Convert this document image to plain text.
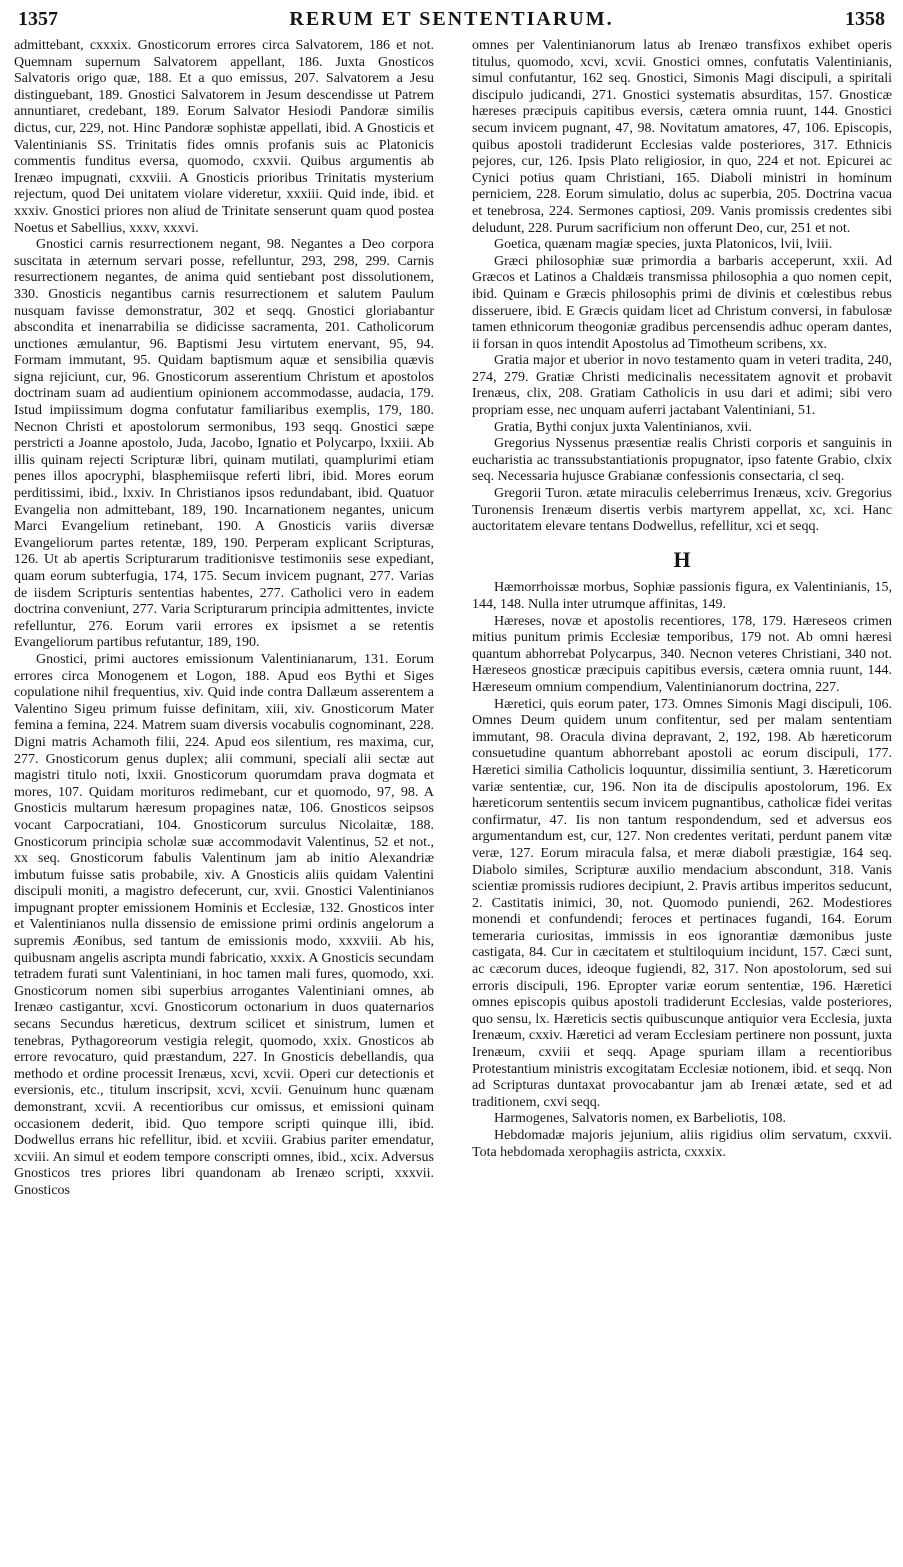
1357	RERUM ET SENTENTIARUM.	1358

admittebant, cxxxix. Gnosticorum errores circa Salvatorem, 186 et not. Quemnam supernum Salvatorem appellant, 186. Juxta Gnosticos Salvatoris origo quæ, 188. Et a quo emissus, 207. Salvatorem a Jesu distinguebant, 189. Gnostici Salvatorem in Jesum descendisse ut Patrem annuntiaret, credebant, 189. Eorum Salvator Hesiodi Pandoræ similis dictus, cur, 229, not. Hinc Pandoræ sophistæ appellati, ibid. A Gnosticis et Valentinianis SS. Trinitatis fides omnis profanis suis ac Platonicis commentis funditus eversa, quomodo, cxxvii. Quibus argumentis ab Irenæo impugnati, cxxviii. A Gnosticis prioribus Trinitatis mysterium rejectum, quod Dei unitatem violare videretur, xxxiii. Quid inde, ibid. et xxxiv. Gnostici priores non aliud de Trinitate senserunt quam quod postea Noetus et Sabellius, xxxv, xxxvi.

Gnostici carnis resurrectionem negant, 98. Negantes a Deo corpora suscitata in æternum servari posse, refelluntur, 293, 298, 299. Carnis resurrectionem negantes, de anima quid sentiebant post dissolutionem, 330. Gnosticis negantibus carnis resurrectionem et salutem Paulum nusquam favisse demonstratur, 302 et seqq. Gnostici gloriabantur abscondita et inenarrabilia se didicisse sacramenta, 201. Catholicorum unctiones æmulantur, 96. Baptismi Jesu virtutem enervant, 95, 94. Formam immutant, 95. Quidam baptismum aquæ et sensibilia quævis signa rejiciunt, cur, 96. Gnosticorum asserentium Christum et apostolos doctrinam suam ad audientium opinionem accommodasse, audacia, 179. Istud impiissimum dogma confutatur familiaribus exemplis, 179, 180. Necnon Christi et apostolorum sermonibus, 193 seqq. Gnostici sæpe perstricti a Joanne apostolo, Juda, Jacobo, Ignatio et Polycarpo, lxxiii. Ab illis quinam rejecti Scripturæ libri, quinam mutilati, quamplurimi etiam penes illos apocryphi, blasphemiisque referti libri, ibid. Mores eorum perditissimi, ibid., lxxiv. In Christianos ipsos redundabant, ibid. Quatuor Evangelia non admittebant, 189, 190. Incarnationem negantes, unicum Marci Evangelium retinebant, 190. A Gnosticis variis diversæ Evangeliorum partes retentæ, 189, 190. Perperam explicant Scripturas, 126. Ut ab apertis Scripturarum traditionisve testimoniis sese expediant, quam eorum subterfugia, 174, 175. Secum invicem pugnant, 277. Varias de iisdem Scripturis sententias habentes, 277. Catholici vero in eadem doctrina conveniunt, 277. Varia Scripturarum principia admittentes, invicte refelluntur, 276. Eorum varii errores ex ipsismet a se retentis Evangeliorum partibus refutantur, 189, 190.

Gnostici, primi auctores emissionum Valentinianarum, 131. Eorum errores circa Monogenem et Logon, 188. Apud eos Bythi et Siges copulatione nihil frequentius, xiv. Quid inde contra Dallæum asserentem a Valentino Sigeu primum fuisse definitam, xiii, xiv. Gnosticorum Mater femina a femina, 224. Matrem suam diversis vocabulis cognominant, 228. Digni matris Achamoth filii, 224. Apud eos silentium, res maxima, cur, 277. Gnosticorum genus duplex; alii communi, speciali alii sectæ aut magistri titulo noti, lxxii. Gnosticorum quorumdam prava dogmata et mores, 107. Quidam morituros redimebant, cur et quomodo, 97, 98. A Gnosticis multarum hæresum propagines natæ, 106. Gnosticos seipsos vocant Carpocratiani, 104. Gnosticorum surculus Nicolaitæ, 188. Gnosticorum principia scholæ suæ accommodavit Valentinus, 52 et not., xx seq. Gnosticorum fabulis Valentinum jam ab initio Alexandriæ imbutum fuisse satis probabile, xiv. A Gnosticis aliis quidam Valentini discipuli moniti, a magistro defecerunt, cur, xvii. Gnostici Valentinianos impugnant propter emissionem Hominis et Ecclesiæ, 132. Gnosticos inter et Valentinianos nulla dissensio de emissione primi ordinis angelorum a supremis Æonibus, sed tantum de emissionis modo, xxxviii. Ab his, quibusnam angelis ascripta mundi fabricatio, xxxix. A Gnosticis secundam tetradem furati sunt Valentiniani, in hoc tamen mali fures, quomodo, xxi. Gnosticorum nomen sibi superbius arrogantes Valentiniani omnes, ab Irenæo castigantur, xcvi. Gnosticorum octonarium in duos quaternarios secans Secundus hæreticus, dextrum scilicet et sinistrum, lumen et tenebras, Pythagoreorum vestigia relegit, quomodo, xxix. Gnosticos ab errore revocaturo, quid præstandum, 227. In Gnosticis debellandis, qua methodo et ordine processit Irenæus, xcvi, xcvii. Operi cur detectionis et eversionis, etc., titulum inscripsit, xcvi, xcvii. Genuinum hunc quænam demonstrant, xcvii. A recentioribus cur omissus, et emissioni quinam occasionem dederit, ibid. Quo tempore scripti quinque illi, ibid. Dodwellus errans hic refellitur, ibid. et xcviii. Grabius pariter emendatur, xcviii. An simul et eodem tempore conscripti omnes, ibid., xcix. Adversus Gnosticos tres priores libri quandonam ab Irenæo scripti, xxxvii. Gnosticos

omnes per Valentinianorum latus ab Irenæo transfixos exhibet operis titulus, quomodo, xcvi, xcvii. Gnostici omnes, confutatis Valentinianis, simul confutantur, 162 seq. Gnostici, Simonis Magi discipuli, a spiritali discipulo judicandi, 271. Gnostici systematis absurditas, 157. Gnosticæ hæreses præcipuis capitibus eversis, cætera omnia ruunt, 144. Gnostici secum invicem pugnant, 47, 98. Novitatum amatores, 47, 106. Episcopis, quibus apostoli tradiderunt Ecclesias valde posteriores, 317. Ethnicis pejores, cur, 126. Ipsis Plato religiosior, in quo, 224 et not. Epicurei ac Cynici potius quam Christiani, 165. Diaboli ministri in hominum perniciem, 228. Eorum simulatio, dolus ac superbia, 205. Doctrina vacua et tenebrosa, 224. Sermones captiosi, 209. Vanis promissis credentes sibi deludunt, 228. Purum sacrificium non offerunt Deo, cur, 251 et not.

Goetica, quænam magiæ species, juxta Platonicos, lvii, lviii.

Græci philosophiæ suæ primordia a barbaris acceperunt, xxii. Ad Græcos et Latinos a Chaldæis transmissa philosophia a quo nomen cepit, ibid. Quinam e Græcis philosophis primi de divinis et cœlestibus rebus disseruere, ibid. E Græcis quidam licet ad Christum conversi, in fabulosæ tamen ethnicorum theogoniæ gradibus percensendis adhuc operam dantes, ii forsan in quos intendit Apostolus ad Timotheum scribens, xx.

Gratia major et uberior in novo testamento quam in veteri tradita, 240, 274, 279. Gratiæ Christi medicinalis necessitatem agnovit et probavit Irenæus, clix, 208. Gratiam Catholicis in usu dari et adimi; sibi vero propriam esse, nec unquam auferri jactabant Valentiniani, 51.

Gratia, Bythi conjux juxta Valentinianos, xvii.

Gregorius Nyssenus præsentiæ realis Christi corporis et sanguinis in eucharistia ac transsubstantiationis propugnator, ipso fatente Grabio, clxix seq. Necessaria hujusce Grabianæ confessionis consectaria, cl seq.

Gregorii Turon. ætate miraculis celeberrimus Irenæus, xciv. Gregorius Turonensis Irenæum disertis verbis martyrem appellat, xc, xci. Hanc auctoritatem elevare tentans Dodwellus, refellitur, xci et seqq.

H

Hæmorrhoissæ morbus, Sophiæ passionis figura, ex Valentinianis, 15, 144, 148. Nulla inter utrumque affinitas, 149.

Hæreses, novæ et apostolis recentiores, 178, 179. Hæreseos crimen mitius punitum primis Ecclesiæ temporibus, 179 not. Ab omni hæresi quantum abhorrebat Polycarpus, 340. Necnon veteres Christiani, 340 not. Hæreseos gnosticæ præcipuis capitibus eversis, cætera omnia ruunt, 144. Hæreseum omnium compendium, Valentinianorum doctrina, 227.

Hæretici, quis eorum pater, 173. Omnes Simonis Magi discipuli, 106. Omnes Deum quidem unum confitentur, sed per malam sententiam immutant, 98. Oracula divina depravant, 2, 192, 198. Ab hæreticorum consuetudine quantum abhorrebant apostoli ac eorum discipuli, 177. Hæretici similia Catholicis loquuntur, dissimilia sentiunt, 3. Hæreticorum variæ sententiæ, cur, 196. Non ita de discipulis apostolorum, 196. Ex hæreticorum sententiis secum invicem pugnantibus, catholicæ fidei veritas confirmatur, 47. Iis non tantum respondendum, sed et adversus eos argumentandum est, cur, 127. Non credentes veritati, perdunt panem vitæ veræ, 127. Eorum miracula falsa, et meræ diaboli præstigiæ, 164 seq. Diabolo similes, Scripturæ auxilio mendacium abscondunt, 318. Vanis scientiæ promissis rudiores decipiunt, 2. Pravis artibus imperitos seducunt, 2. Castitatis inimici, 30, not. Quomodo puniendi, 262. Modestiores monendi et confundendi; feroces et pertinaces fugandi, 164. Eorum temeraria curiositas, immissis in eos ignorantiæ dæmonibus juste castigata, 84. Cur in cæcitatem et stultiloquium incidunt, 157. Cæci sunt, ac cæcorum duces, ideoque fugiendi, 82, 317. Non apostolorum, sed sui erroris discipuli, 196. Epropter variæ eorum sententiæ, 196. Hæretici omnes episcopis quibus apostoli tradiderunt Ecclesias, valde posteriores, quo sensu, lx. Hæreticis sectis quibuscunque antiquior vera Ecclesia, juxta Irenæum, cxxiv. Hæretici ad veram Ecclesiam pertinere non possunt, juxta Irenæum, cxviii et seqq. Apage spuriam illam a recentioribus Protestantium ministris excogitatam Ecclesiæ notionem, ibid. et seqq. Non ad Scripturas duntaxat provocabantur jam ab Irenæi ætate, sed et ad traditionem, cxvi seqq.

Harmogenes, Salvatoris nomen, ex Barbeliotis, 108.

Hebdomadæ majoris jejunium, aliis rigidius olim servatum, cxxvii. Tota hebdomada xerophagiis astricta, cxxxix.
